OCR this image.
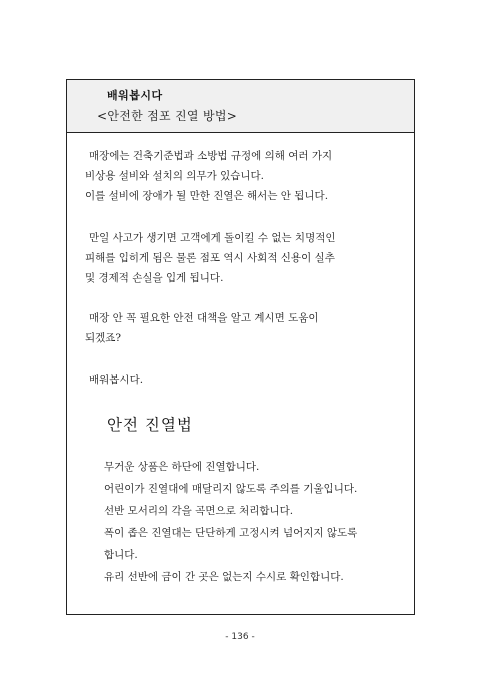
배워봅시다
<안전한 점포 진열 방법>
매장에는 건축기준법과 소방법 규정에 의해 여러 가지
비상용 설비와 설치의 의무가 있습니다.
이를 설비에 장애가 될 만한 진열은 해서는 안 됩니다.
만일 사고가 생기면 고객에게 돌이킬 수 없는 치명적인
피해를 입히게 됨은 물론 점포 역시 사회적 신용이 실추
및 경제적 손실을 입게 됩니다.
매장 안 꼭 필요한 안전 대책을 알고 계시면 도움이
되겠죠?
배워봅시다.
안전 진열법
무거운 상품은 하단에 진열합니다.
어린이가 진열대에 매달리지 않도록 주의를 기울입니다.
선반 모서리의 각을 곡면으로 처리합니다.
폭이 좁은 진열대는 단단하게 고정시켜 넘어지지 않도록
합니다.
유리 선반에 금이 간 곳은 없는지 수시로 확인합니다.
- 136 -
